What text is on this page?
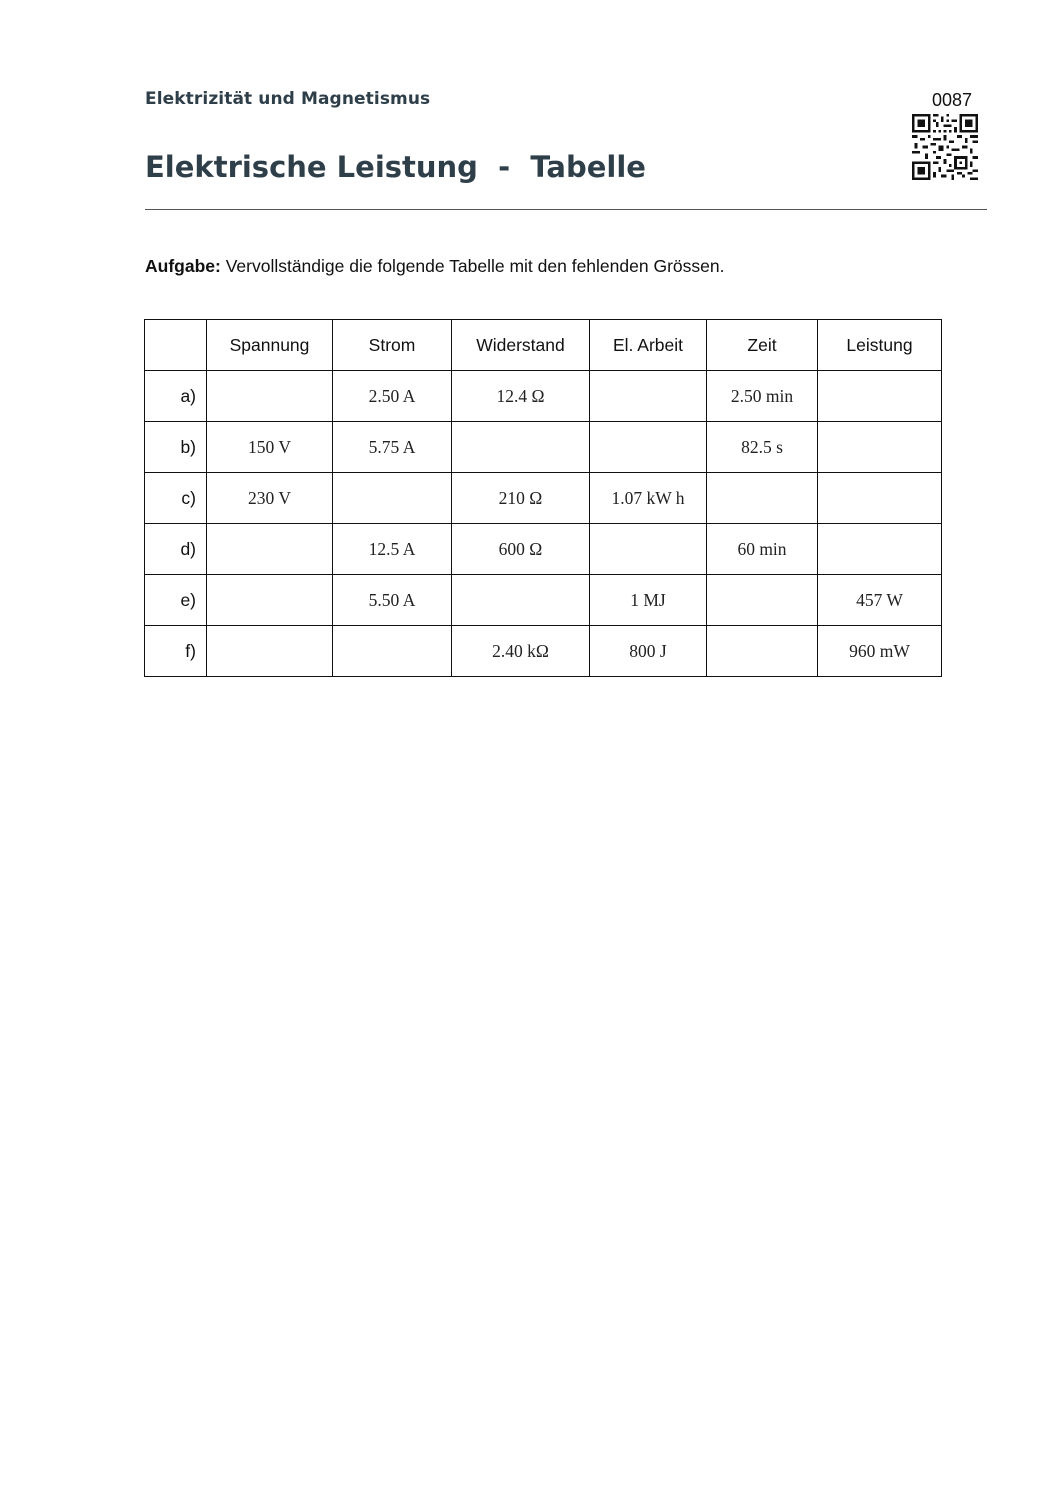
Elektrizität und Magnetismus	0087
Elektrische Leistung  -  Tabelle
Aufgabe: Vervollständige die folgende Tabelle mit den fehlenden Grössen.
	Spannung	Strom	Widerstand	El. Arbeit	Zeit	Leistung
a)		2.50 A	12.4 Ω		2.50 min	
b)	150 V	5.75 A			82.5 s	
c)	230 V		210 Ω	1.07 kW h		
d)		12.5 A	600 Ω		60 min	
e)		5.50 A		1 MJ		457 W
f)			2.40 kΩ	800 J		960 mW
